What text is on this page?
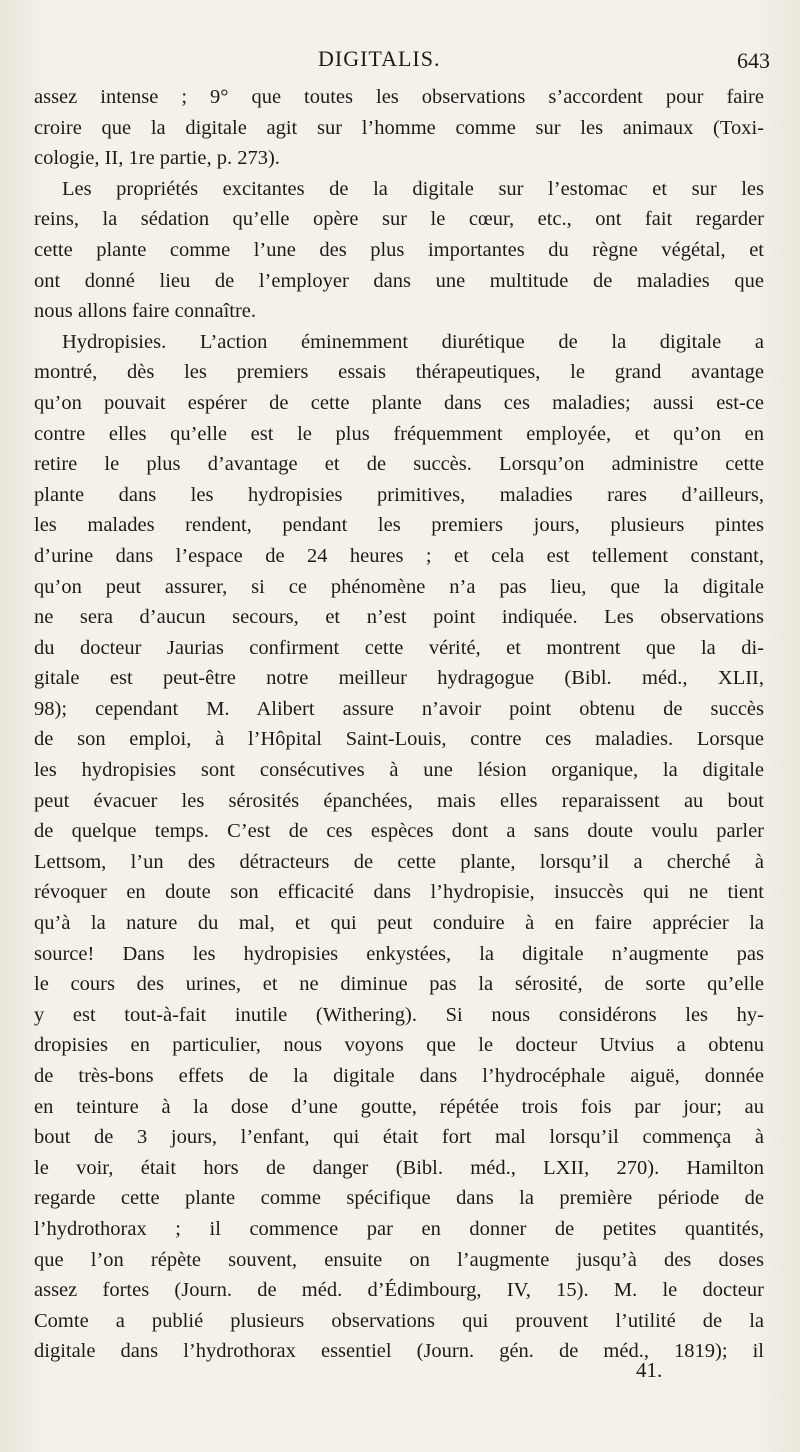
DIGITALIS.	643
assez intense ; 9° que toutes les observations s’accordent pour faire
croire que la digitale agit sur l’homme comme sur les animaux (Toxi-
cologie, II, 1re partie, p. 273).
Les propriétés excitantes de la digitale sur l’estomac et sur les
reins, la sédation qu’elle opère sur le cœur, etc., ont fait regarder
cette plante comme l’une des plus importantes du règne végétal, et
ont donné lieu de l’employer dans une multitude de maladies que
nous allons faire connaître.
Hydropisies. L’action éminemment diurétique de la digitale a
montré, dès les premiers essais thérapeutiques, le grand avantage
qu’on pouvait espérer de cette plante dans ces maladies; aussi est-ce
contre elles qu’elle est le plus fréquemment employée, et qu’on en
retire le plus d’avantage et de succès. Lorsqu’on administre cette
plante dans les hydropisies primitives, maladies rares d’ailleurs,
les malades rendent, pendant les premiers jours, plusieurs pintes
d’urine dans l’espace de 24 heures ; et cela est tellement constant,
qu’on peut assurer, si ce phénomène n’a pas lieu, que la digitale
ne sera d’aucun secours, et n’est point indiquée. Les observations
du docteur Jaurias confirment cette vérité, et montrent que la di-
gitale est peut-être notre meilleur hydragogue (Bibl. méd., XLII,
98); cependant M. Alibert assure n’avoir point obtenu de succès
de son emploi, à l’Hôpital Saint-Louis, contre ces maladies. Lorsque
les hydropisies sont consécutives à une lésion organique, la digitale
peut évacuer les sérosités épanchées, mais elles reparaissent au bout
de quelque temps. C’est de ces espèces dont a sans doute voulu parler
Lettsom, l’un des détracteurs de cette plante, lorsqu’il a cherché à
révoquer en doute son efficacité dans l’hydropisie, insuccès qui ne tient
qu’à la nature du mal, et qui peut conduire à en faire apprécier la
source! Dans les hydropisies enkystées, la digitale n’augmente pas
le cours des urines, et ne diminue pas la sérosité, de sorte qu’elle
y est tout-à-fait inutile (Withering). Si nous considérons les hy-
dropisies en particulier, nous voyons que le docteur Utvius a obtenu
de très-bons effets de la digitale dans l’hydrocéphale aiguë, donnée
en teinture à la dose d’une goutte, répétée trois fois par jour; au
bout de 3 jours, l’enfant, qui était fort mal lorsqu’il commença à
le voir, était hors de danger (Bibl. méd., LXII, 270). Hamilton
regarde cette plante comme spécifique dans la première période de
l’hydrothorax ; il commence par en donner de petites quantités,
que l’on répète souvent, ensuite on l’augmente jusqu’à des doses
assez fortes (Journ. de méd. d’Édimbourg, IV, 15). M. le docteur
Comte a publié plusieurs observations qui prouvent l’utilité de la
digitale dans l’hydrothorax essentiel (Journ. gén. de méd., 1819); il
41.
